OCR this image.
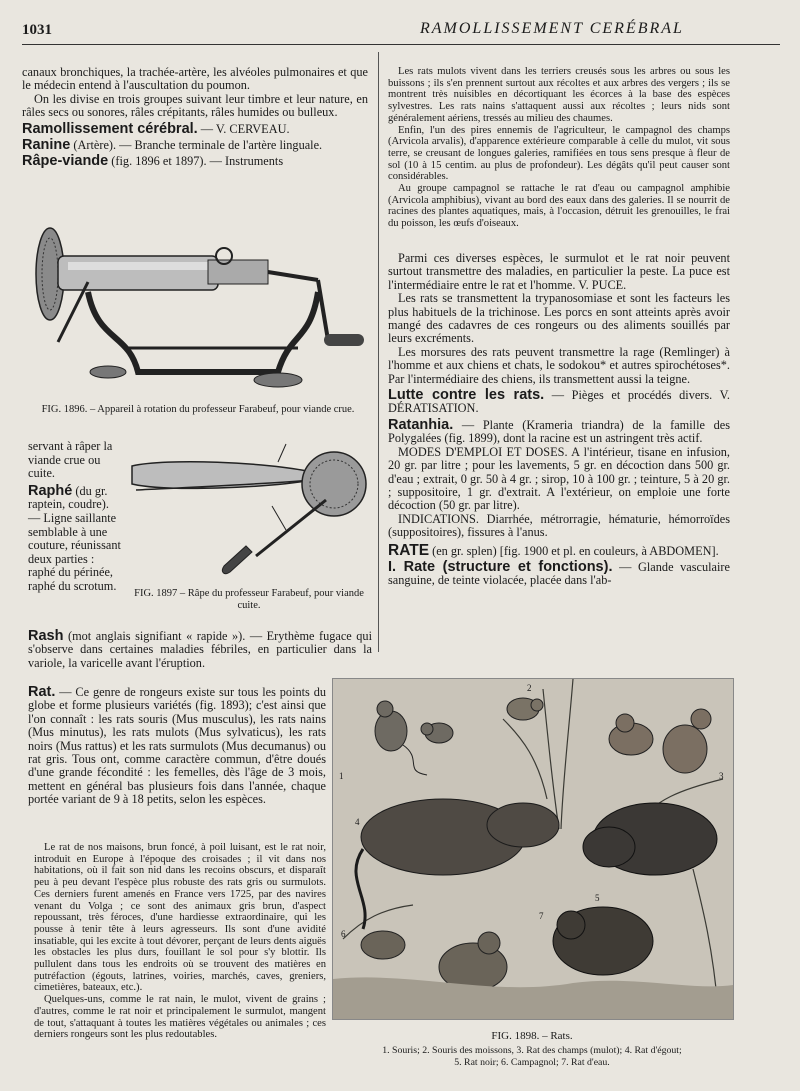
1031	RAMOLLISSEMENT CERÉBRAL

canaux bronchiques, la trachée-artère, les alvéoles pulmonaires et que le médecin entend à l'auscultation du poumon.

On les divise en trois groupes suivant leur timbre et leur nature, en râles secs ou sonores, râles crépitants, râles humides ou bulleux.

Ramollissement cérébral. — V. CERVEAU.

Ranine (Artère). — Branche terminale de l'artère linguale.

Râpe-viande (fig. 1896 et 1897). — Instruments

FIG. 1896. – Appareil à rotation du professeur Farabeuf, pour viande crue.

servant à râper la viande crue ou cuite.

Raphé (du gr. raptein, coudre). — Ligne saillante semblable à une couture, réunissant deux parties : raphé du périnée, raphé du scrotum.

FIG. 1897 – Râpe du professeur Farabeuf, pour viande cuite.

Rash (mot anglais signifiant « rapide »). — Erythème fugace qui s'observe dans certaines maladies fébriles, en particulier dans la variole, la varicelle avant l'éruption.

Rat. — Ce genre de rongeurs existe sur tous les points du globe et forme plusieurs variétés (fig. 1893); c'est ainsi que l'on connaît : les rats souris (Mus musculus), les rats nains (Mus minutus), les rats mulots (Mus sylvaticus), les rats noirs (Mus rattus) et les rats surmulots (Mus decumanus) ou rat gris. Tous ont, comme caractère commun, d'être doués d'une grande fécondité : les femelles, dès l'âge de 3 mois, mettent en général bas plusieurs fois dans l'année, chaque portée variant de 9 à 18 petits, selon les espèces.

Le rat de nos maisons, brun foncé, à poil luisant, est le rat noir, introduit en Europe à l'époque des croisades ; il vit dans nos habitations, où il fait son nid dans les recoins obscurs, et disparaît peu à peu devant l'espèce plus robuste des rats gris ou surmulots. Ces derniers furent amenés en France vers 1725, par des navires venant du Volga ; ce sont des animaux gris brun, d'aspect repoussant, très féroces, d'une hardiesse extraordinaire, qui les pousse à tenir tête à leurs agresseurs. Ils sont d'une avidité insatiable, qui les excite à tout dévorer, perçant de leurs dents aiguës les obstacles les plus durs, fouillant le sol pour s'y blottir. Ils pullulent dans tous les endroits où se trouvent des matières en putréfaction (égouts, latrines, voiries, marchés, caves, greniers, cimetières, bateaux, etc.).

Quelques-uns, comme le rat nain, le mulot, vivent de grains ; d'autres, comme le rat noir et principalement le surmulot, mangent de tout, s'attaquant à toutes les matières végétales ou animales ; ces derniers rongeurs sont les plus redoutables.

Les rats mulots vivent dans les terriers creusés sous les arbres ou sous les buissons ; ils s'en prennent surtout aux récoltes et aux arbres des vergers ; ils se montrent très nuisibles en décortiquant les écorces à la base des espèces sylvestres. Les rats nains s'attaquent aussi aux récoltes ; leurs nids sont généralement aériens, tressés au milieu des chaumes.

Enfin, l'un des pires ennemis de l'agriculteur, le campagnol des champs (Arvicola arvalis), d'apparence extérieure comparable à celle du mulot, vit sous terre, se creusant de longues galeries, ramifiées en tous sens presque à fleur de sol (10 à 15 centim. au plus de profondeur). Les dégâts qu'il peut causer sont considérables.

Au groupe campagnol se rattache le rat d'eau ou campagnol amphibie (Arvicola amphibius), vivant au bord des eaux dans des galeries. Il se nourrit de racines des plantes aquatiques, mais, à l'occasion, détruit les grenouilles, le frai du poisson, les œufs d'oiseaux.

Parmi ces diverses espèces, le surmulot et le rat noir peuvent surtout transmettre des maladies, en particulier la peste. La puce est l'intermédiaire entre le rat et l'homme. V. PUCE.

Les rats se transmettent la trypanosomiase et sont les facteurs les plus habituels de la trichinose. Les porcs en sont atteints après avoir mangé des cadavres de ces rongeurs ou des aliments souillés par leurs excréments.

Les morsures des rats peuvent transmettre la rage (Remlinger) à l'homme et aux chiens et chats, le sodokou* et autres spirochétoses*. Par l'intermédiaire des chiens, ils transmettent aussi la teigne.

Lutte contre les rats. — Pièges et procédés divers. V. DÉRATISATION.

Ratanhia. — Plante (Krameria triandra) de la famille des Polygalées (fig. 1899), dont la racine est un astringent très actif.

MODES D'EMPLOI ET DOSES. A l'intérieur, tisane en infusion, 20 gr. par litre ; pour les lavements, 5 gr. en décoction dans 500 gr. d'eau ; extrait, 0 gr. 50 à 4 gr. ; sirop, 10 à 100 gr. ; teinture, 5 à 20 gr. ; suppositoire, 1 gr. d'extrait. A l'extérieur, on emploie une forte décoction (50 gr. par litre).

INDICATIONS. Diarrhée, métrorragie, hématurie, hémorroïdes (suppositoires), fissures à l'anus.

RATE (en gr. splen) [fig. 1900 et pl. en couleurs, à ABDOMEN].

I. Rate (structure et fonctions). — Glande vasculaire sanguine, de teinte violacée, placée dans l'ab-

1
2
3
4
5
6
7
FIG. 1898. – Rats.
1. Souris; 2. Souris des moissons, 3. Rat des champs (mulot); 4. Rat d'égout;
5. Rat noir; 6. Campagnol; 7. Rat d'eau.
